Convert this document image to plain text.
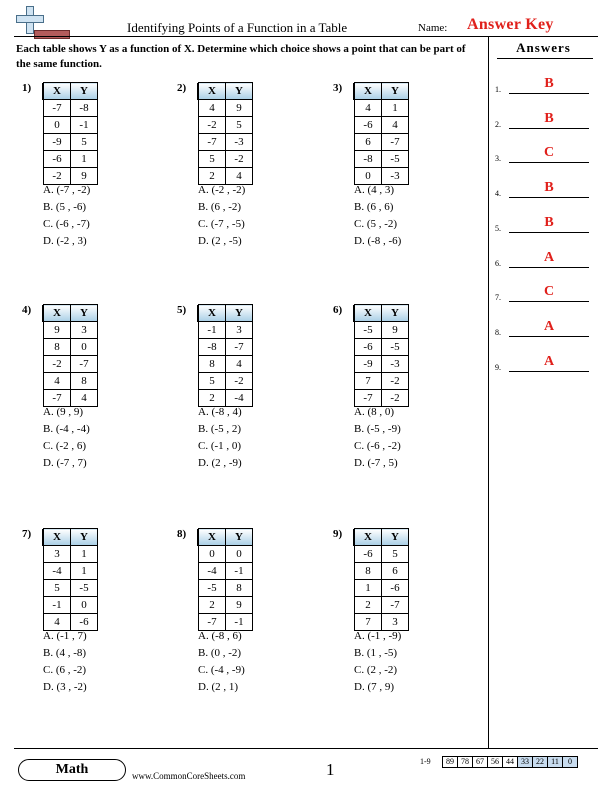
Identifying Points of a Function in a Table	Name: Answer Key
Each table shows Y as a function of X. Determine which choice shows a point that can be part of the same function.
Answers
1.	B
2.	B
3.	C
4.	B
5.	B
6.	A
7.	C
8.	A
9.	A
1) X	Y
-7	-8
0	-1
-9	5
-6	1
-2	9
A. (-7 , -2)
B. (5 , -6)
C. (-6 , -7)
D. (-2 , 3)
2) X	Y
4	9
-2	5
-7	-3
5	-2
2	4
A. (-2 , -2)
B. (6 , -2)
C. (-7 , -5)
D. (2 , -5)
3) X	Y
4	1
-6	4
6	-7
-8	-5
0	-3
A. (4 , 3)
B. (6 , 6)
C. (5 , -2)
D. (-8 , -6)
4) X	Y
9	3
8	0
-2	-7
4	8
-7	4
A. (9 , 9)
B. (-4 , -4)
C. (-2 , 6)
D. (-7 , 7)
5) X	Y
-1	3
-8	-7
8	4
5	-2
2	-4
A. (-8 , 4)
B. (-5 , 2)
C. (-1 , 0)
D. (2 , -9)
6) X	Y
-5	9
-6	-5
-9	-3
7	-2
-7	-2
A. (8 , 0)
B. (-5 , -9)
C. (-6 , -2)
D. (-7 , 5)
7) X	Y
3	1
-4	1
5	-5
-1	0
4	-6
A. (-1 , 7)
B. (4 , -8)
C. (6 , -2)
D. (3 , -2)
8) X	Y
0	0
-4	-1
-5	8
2	9
-7	-1
A. (-8 , 6)
B. (0 , -2)
C. (-4 , -9)
D. (2 , 1)
9) X	Y
-6	5
8	6
1	-6
2	-7
7	3
A. (-1 , -9)
B. (1 , -5)
C. (2 , -2)
D. (7 , 9)
Math	www.CommonCoreSheets.com	1	1-9	89 78 67 56 44 33 22 11	0
